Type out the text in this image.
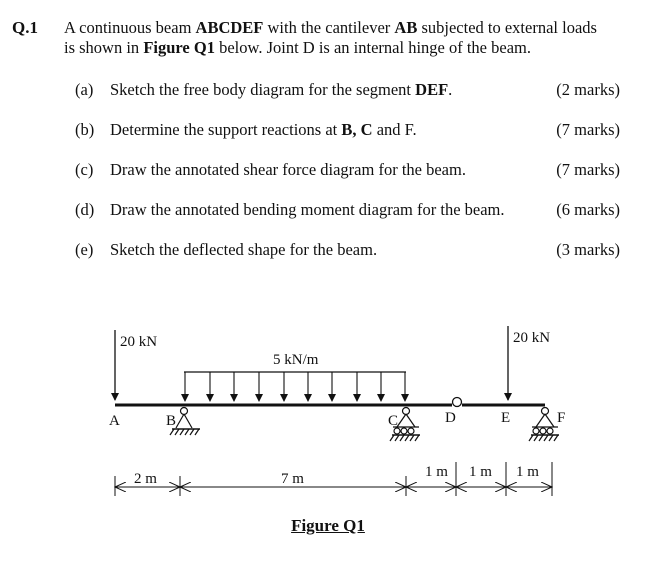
Q.1 A continuous beam ABCDEF with the cantilever AB subjected to external loads
is shown in Figure Q1 below. Joint D is an internal hinge of the beam.
(a) Sketch the free body diagram for the segment DEF.	(2 marks)
(b) Determine the support reactions at B, C and F.	(7 marks)
(c) Draw the annotated shear force diagram for the beam.	(7 marks)
(d) Draw the annotated bending moment diagram for the beam.	(6 marks)
(e) Sketch the deflected shape for the beam.	(3 marks)
20 kN	20 kN
5 kN/m
A	B	C	D	E	F
2 m	7 m	1 m 1 m 1 m
Figure Q1
